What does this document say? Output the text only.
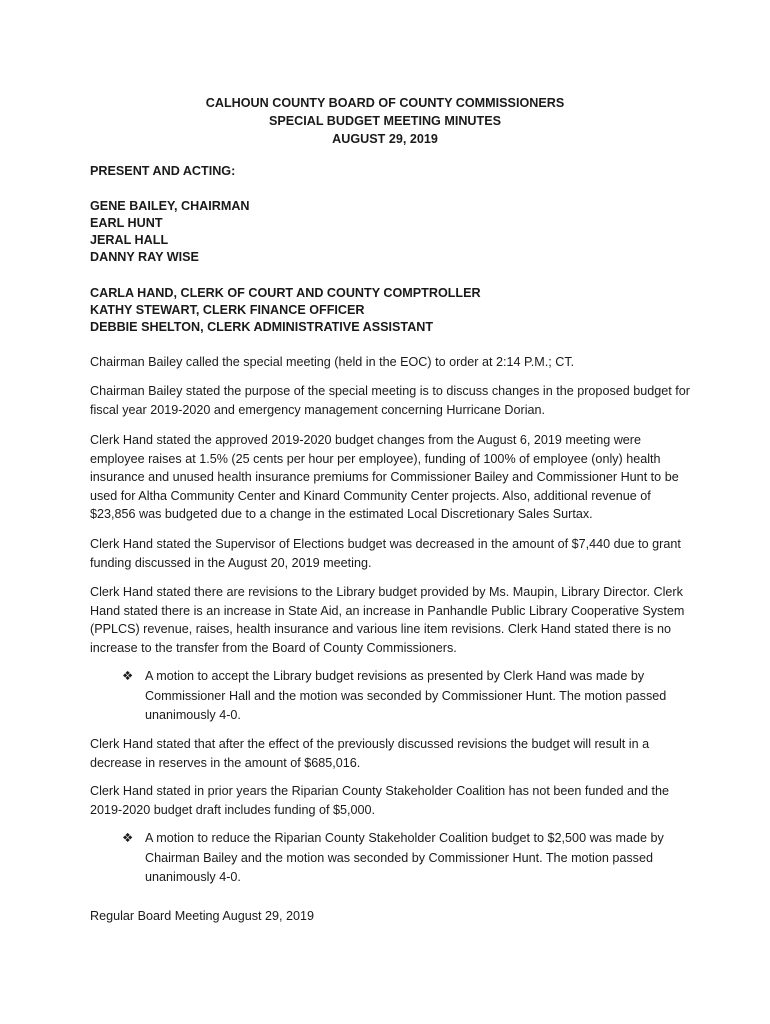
CALHOUN COUNTY BOARD OF COUNTY COMMISSIONERS
SPECIAL BUDGET MEETING MINUTES
AUGUST 29, 2019
PRESENT AND ACTING:
GENE BAILEY, CHAIRMAN
EARL HUNT
JERAL HALL
DANNY RAY WISE
CARLA HAND, CLERK OF COURT AND COUNTY COMPTROLLER
KATHY STEWART, CLERK FINANCE OFFICER
DEBBIE SHELTON, CLERK ADMINISTRATIVE ASSISTANT
Chairman Bailey called the special meeting (held in the EOC) to order at 2:14 P.M.; CT.
Chairman Bailey stated the purpose of the special meeting is to discuss changes in the proposed budget for fiscal year 2019-2020 and emergency management concerning Hurricane Dorian.
Clerk Hand stated the approved 2019-2020 budget changes from the August 6, 2019 meeting were employee raises at 1.5% (25 cents per hour per employee), funding of 100% of employee (only) health insurance and unused health insurance premiums for Commissioner Bailey and Commissioner Hunt to be used for Altha Community Center and Kinard Community Center projects. Also, additional revenue of $23,856 was budgeted due to a change in the estimated Local Discretionary Sales Surtax.
Clerk Hand stated the Supervisor of Elections budget was decreased in the amount of $7,440 due to grant funding discussed in the August 20, 2019 meeting.
Clerk Hand stated there are revisions to the Library budget provided by Ms. Maupin, Library Director. Clerk Hand stated there is an increase in State Aid, an increase in Panhandle Public Library Cooperative System (PPLCS) revenue, raises, health insurance and various line item revisions. Clerk Hand stated there is no increase to the transfer from the Board of County Commissioners.
❖ A motion to accept the Library budget revisions as presented by Clerk Hand was made by Commissioner Hall and the motion was seconded by Commissioner Hunt. The motion passed unanimously 4-0.
Clerk Hand stated that after the effect of the previously discussed revisions the budget will result in a decrease in reserves in the amount of $685,016.
Clerk Hand stated in prior years the Riparian County Stakeholder Coalition has not been funded and the 2019-2020 budget draft includes funding of $5,000.
❖ A motion to reduce the Riparian County Stakeholder Coalition budget to $2,500 was made by Chairman Bailey and the motion was seconded by Commissioner Hunt. The motion passed unanimously 4-0.
Regular Board Meeting August 29, 2019
